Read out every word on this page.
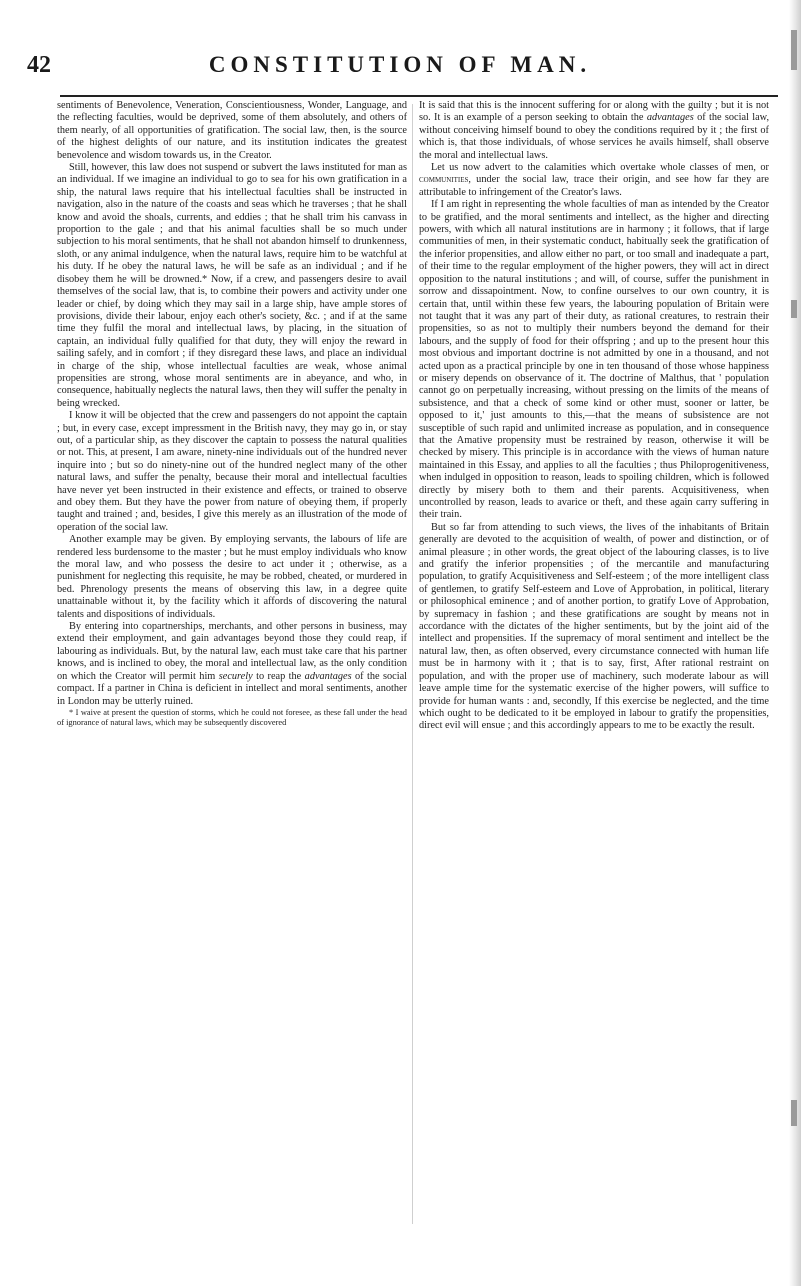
42	CONSTITUTION OF MAN.

sentiments of Benevolence, Veneration, Conscientiousness, Wonder, Language, and the reflecting faculties, would be deprived, some of them absolutely, and others of them nearly, of all opportunities of gratification. The social law, then, is the source of the highest delights of our nature, and its institution indicates the greatest benevolence and wisdom towards us, in the Creator.

Still, however, this law does not suspend or subvert the laws instituted for man as an individual. If we imagine an individual to go to sea for his own gratification in a ship, the natural laws require that his intellectual faculties shall be instructed in navigation, also in the nature of the coasts and seas which he traverses ; that he shall know and avoid the shoals, currents, and eddies ; that he shall trim his canvass in proportion to the gale ; and that his animal faculties shall be so much under subjection to his moral sentiments, that he shall not abandon himself to drunkenness, sloth, or any animal indulgence, when the natural laws, require him to be watchful at his duty. If he obey the natural laws, he will be safe as an individual ; and if he disobey them he will be drowned.* Now, if a crew, and passengers desire to avail themselves of the social law, that is, to combine their powers and activity under one leader or chief, by doing which they may sail in a large ship, have ample stores of provisions, divide their labour, enjoy each other's society, &c. ; and if at the same time they fulfil the moral and intellectual laws, by placing, in the situation of captain, an individual fully qualified for that duty, they will enjoy the reward in sailing safely, and in comfort ; if they disregard these laws, and place an individual in charge of the ship, whose intellectual faculties are weak, whose animal propensities are strong, whose moral sentiments are in abeyance, and who, in consequence, habitually neglects the natural laws, then they will suffer the penalty in being wrecked.

I know it will be objected that the crew and passengers do not appoint the captain ; but, in every case, except impressment in the British navy, they may go in, or stay out, of a particular ship, as they discover the captain to possess the natural qualities or not. This, at present, I am aware, ninety-nine individuals out of the hundred never inquire into ; but so do ninety-nine out of the hundred neglect many of the other natural laws, and suffer the penalty, because their moral and intellectual faculties have never yet been instructed in their existence and effects, or trained to observe and obey them. But they have the power from nature of obeying them, if properly taught and trained ; and, besides, I give this merely as an illustration of the mode of operation of the social law.

Another example may be given. By employing servants, the labours of life are rendered less burdensome to the master ; but he must employ individuals who know the moral law, and who possess the desire to act under it ; otherwise, as a punishment for neglecting this requisite, he may be robbed, cheated, or murdered in bed. Phrenology presents the means of observing this law, in a degree quite unattainable without it, by the facility which it affords of discovering the natural talents and dispositions of individuals.

By entering into copartnerships, merchants, and other persons in business, may extend their employment, and gain advantages beyond those they could reap, if labouring as individuals. But, by the natural law, each must take care that his partner knows, and is inclined to obey, the moral and intellectual law, as the only condition on which the Creator will permit him securely to reap the advantages of the social compact. If a partner in China is deficient in intellect and moral sentiments, another in London may be utterly ruined.

* I waive at present the question of storms, which he could not foresee, as these fall under the head of ignorance of natural laws, which may be subsequently discovered

It is said that this is the innocent suffering for or along with the guilty ; but it is not so. It is an example of a person seeking to obtain the advantages of the social law, without conceiving himself bound to obey the conditions required by it ; the first of which is, that those individuals, of whose services he avails himself, shall observe the moral and intellectual laws.

Let us now advert to the calamities which overtake whole classes of men, or communities, under the social law, trace their origin, and see how far they are attributable to infringement of the Creator's laws.

If I am right in representing the whole faculties of man as intended by the Creator to be gratified, and the moral sentiments and intellect, as the higher and directing powers, with which all natural institutions are in harmony ; it follows, that if large communities of men, in their systematic conduct, habitually seek the gratification of the inferior propensities, and allow either no part, or too small and inadequate a part, of their time to the regular employment of the higher powers, they will act in direct opposition to the natural institutions ; and will, of course, suffer the punishment in sorrow and dissapointment. Now, to confine ourselves to our own country, it is certain that, until within these few years, the labouring population of Britain were not taught that it was any part of their duty, as rational creatures, to restrain their propensities, so as not to multiply their numbers beyond the demand for their labours, and the supply of food for their offspring ; and up to the present hour this most obvious and important doctrine is not admitted by one in a thousand, and not acted upon as a practical principle by one in ten thousand of those whose happiness or misery depends on observance of it. The doctrine of Malthus, that ' population cannot go on perpetually increasing, without pressing on the limits of the means of subsistence, and that a check of some kind or other must, sooner or latter, be opposed to it,' just amounts to this,—that the means of subsistence are not susceptible of such rapid and unlimited increase as population, and in consequence that the Amative propensity must be restrained by reason, otherwise it will be checked by misery. This principle is in accordance with the views of human nature maintained in this Essay, and applies to all the faculties ; thus Philoprogenitiveness, when indulged in opposition to reason, leads to spoiling children, which is followed directly by misery both to them and their parents. Acquisitiveness, when uncontrolled by reason, leads to avarice or theft, and these again carry suffering in their train.

But so far from attending to such views, the lives of the inhabitants of Britain generally are devoted to the acquisition of wealth, of power and distinction, or of animal pleasure ; in other words, the great object of the labouring classes, is to live and gratify the inferior propensities ; of the mercantile and manufacturing population, to gratify Acquisitiveness and Self-esteem ; of the more intelligent class of gentlemen, to gratify Self-esteem and Love of Approbation, in political, literary or philosophical eminence ; and of another portion, to gratify Love of Approbation, by supremacy in fashion ; and these gratifications are sought by means not in accordance with the dictates of the higher sentiments, but by the joint aid of the intellect and propensities. If the supremacy of moral sentiment and intellect be the natural law, then, as often observed, every circumstance connected with human life must be in harmony with it ; that is to say, first, After rational restraint on population, and with the proper use of machinery, such moderate labour as will leave ample time for the systematic exercise of the higher powers, will suffice to provide for human wants : and, secondly, If this exercise be neglected, and the time which ought to be dedicated to it be employed in labour to gratify the propensities, direct evil will ensue ; and this accordingly appears to me to be exactly the result.
